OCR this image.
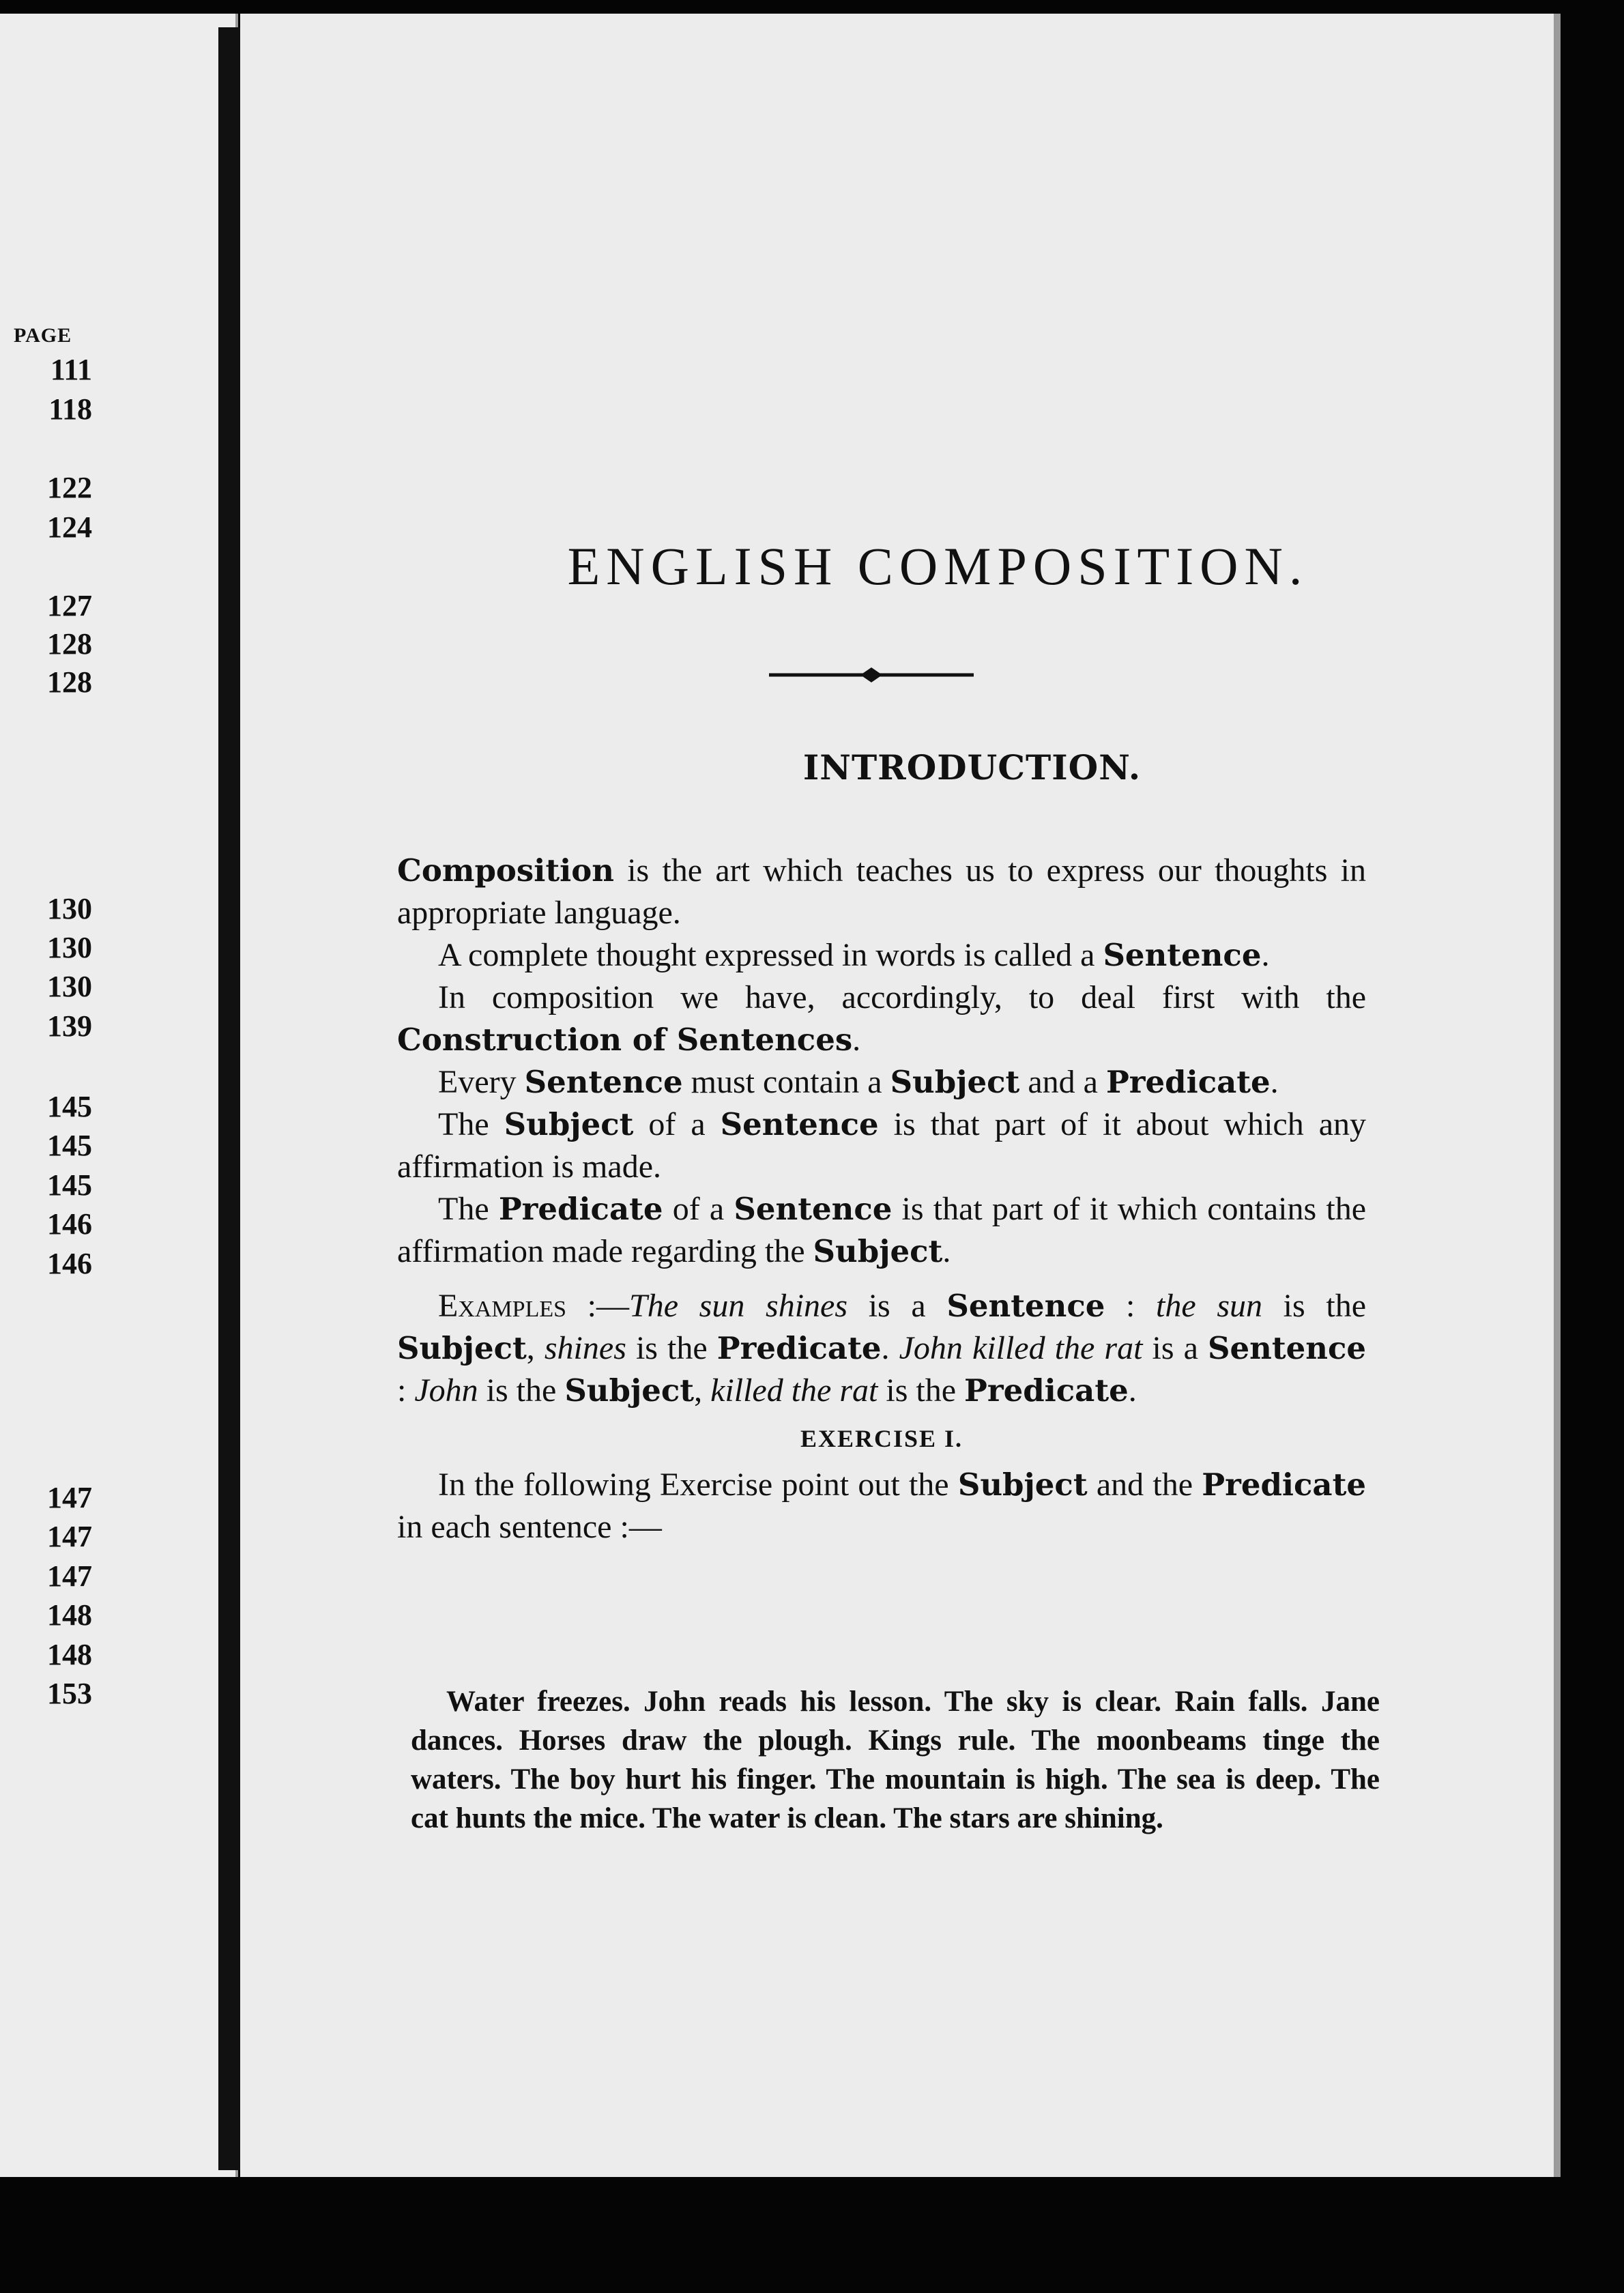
PAGE
111
118
122
124
127
128
128
130
130
130
139
145
145
145
146
146
147
147
147
148
148
153
ENGLISH COMPOSITION.
INTRODUCTION.

Composition is the art which teaches us to express our thoughts in appropriate language.

A complete thought expressed in words is called a Sentence.

In composition we have, accordingly, to deal first with the Construction of Sentences.

Every Sentence must contain a Subject and a Predicate.

The Subject of a Sentence is that part of it about which any affirmation is made.

The Predicate of a Sentence is that part of it which contains the affirmation made regarding the Subject.

Examples :—The sun shines is a Sentence : the sun is the Subject, shines is the Predicate. John killed the rat is a Sentence : John is the Subject, killed the rat is the Predicate.

EXERCISE I.

In the following Exercise point out the Subject and the Predicate in each sentence :—

Water freezes. John reads his lesson. The sky is clear. Rain falls. Jane dances. Horses draw the plough. Kings rule. The moonbeams tinge the waters. The boy hurt his finger. The mountain is high. The sea is deep. The cat hunts the mice. The water is clean. The stars are shining.
